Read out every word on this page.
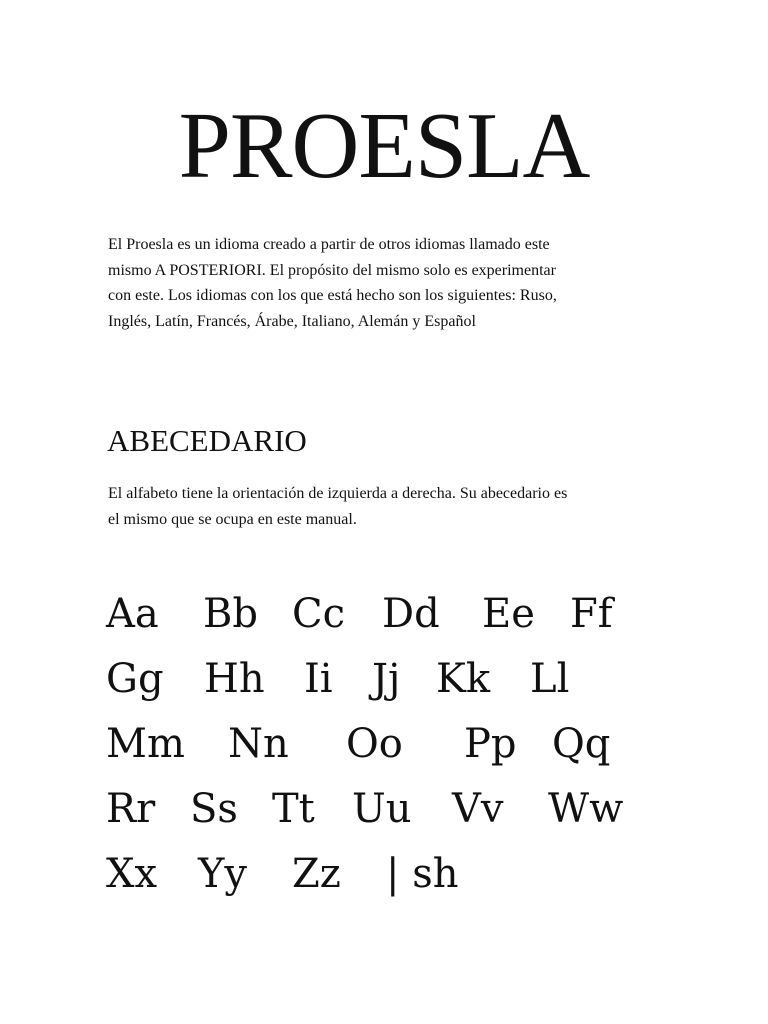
PROESLA

El Proesla es un idioma creado a partir de otros idiomas llamado este
mismo A POSTERIORI. El propósito del mismo solo es experimentar
con este. Los idiomas con los que está hecho son los siguientes: Ruso,
Inglés, Latín, Francés, Árabe, Italiano, Alemán y Español

ABECEDARIO

El alfabeto tiene la orientación de izquierda a derecha. Su abecedario es
el mismo que se ocupa en este manual.

Aa Bb Cc Dd Ee Ff
Gg Hh Ii Jj Kk Ll
Mm Nn Oo Pp Qq
Rr Ss Tt Uu Vv Ww
Xx Yy Zz | sh
